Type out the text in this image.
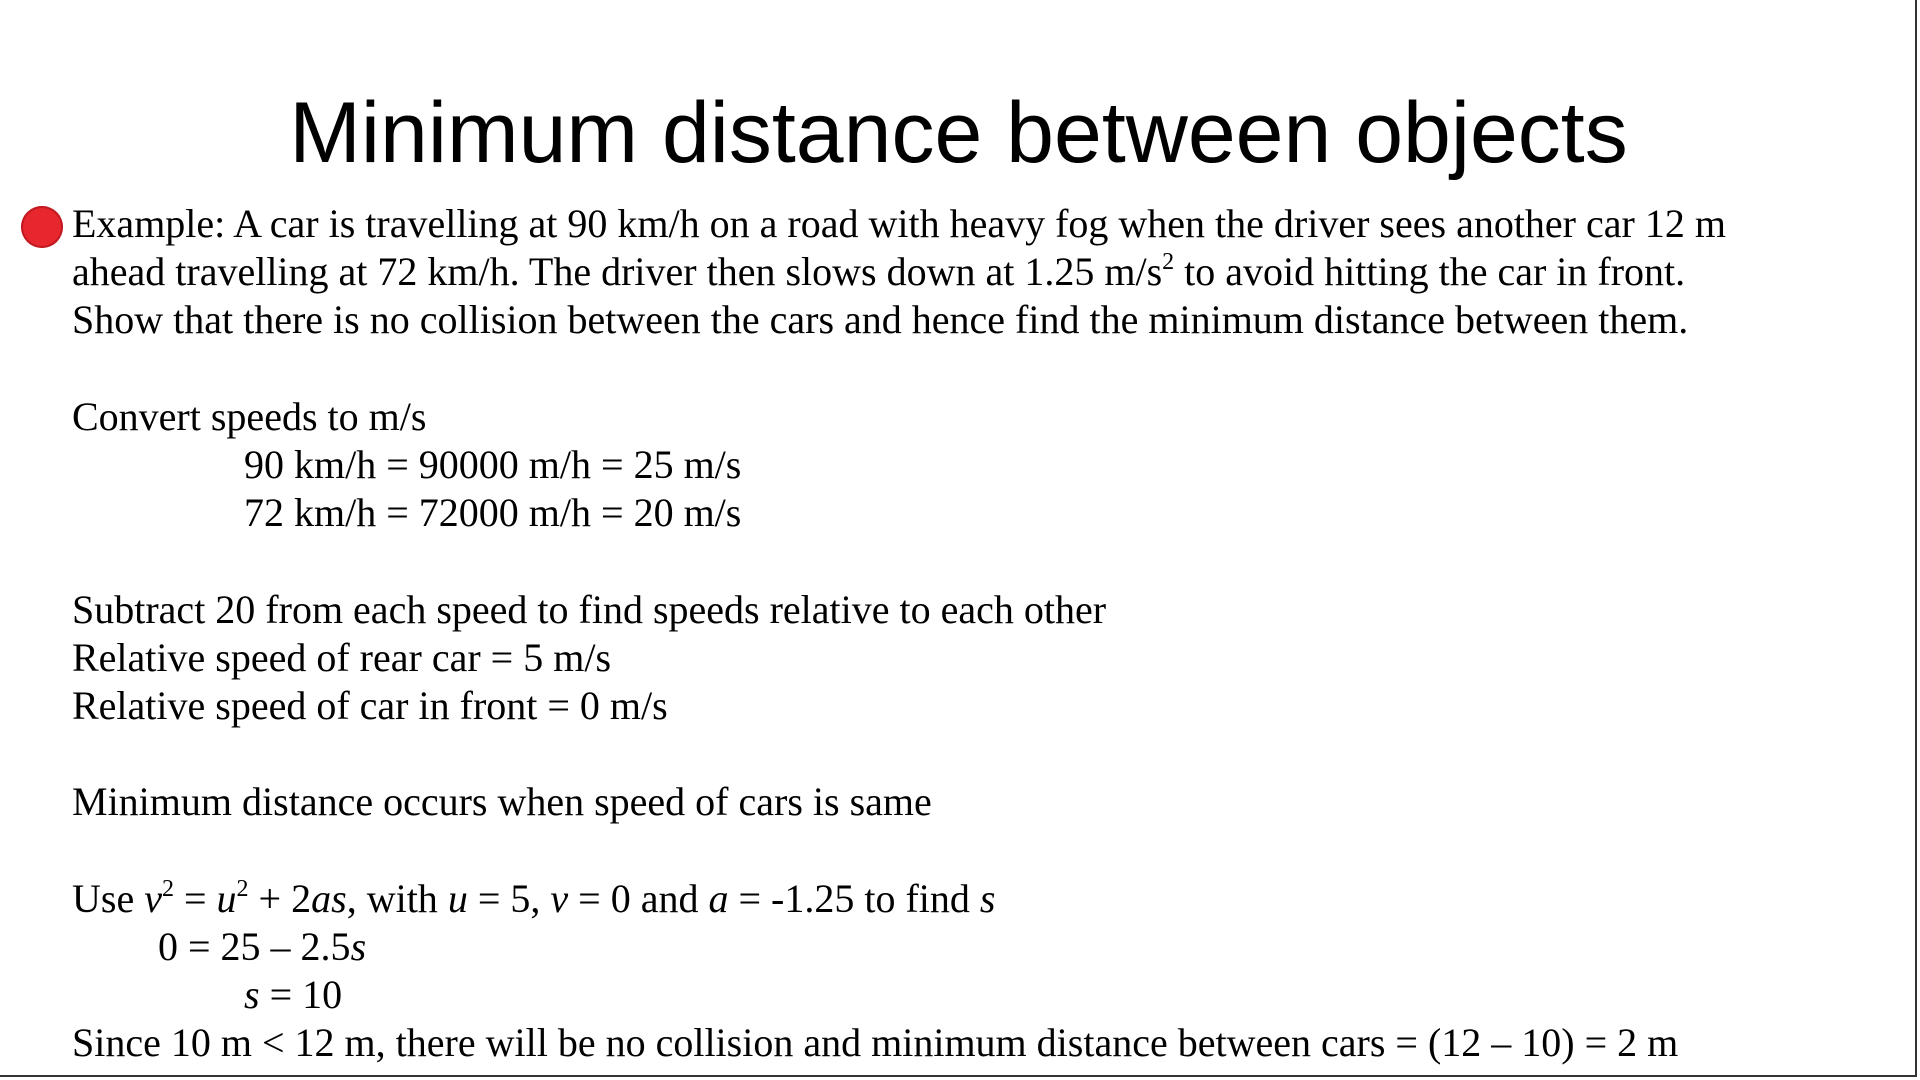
Minimum distance between objects
Example: A car is travelling at 90 km/h on a road with heavy fog when the driver sees another car 12 m
ahead travelling at 72 km/h. The driver then slows down at 1.25 $m/s^2$ to avoid hitting the car in front.
Show that there is no collision between the cars and hence find the minimum distance between them.
Convert speeds to m/s
90 km/h = 90000 m/h = 25 m/s
72 km/h = 72000 m/h = 20 m/s
Subtract 20 from each speed to find speeds relative to each other
Relative speed of rear car = 5 m/s
Relative speed of car in front = 0 m/s
Minimum distance occurs when speed of cars is same
Use $v^2 = u^2 + 2as$, with u = 5, v = 0 and a = -1.25 to find s
0 = 25 – 2.5s
s = 10
Since 10 m < 12 m, there will be no collision and minimum distance between cars = (12 – 10) = 2 m
